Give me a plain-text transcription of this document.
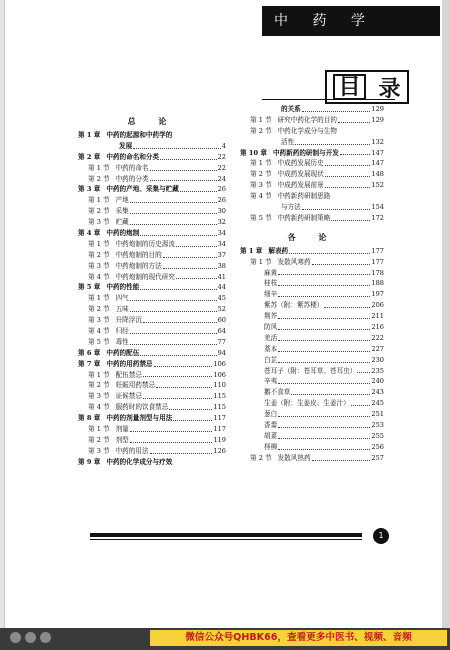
中 药 学
目 录
总 论
第 1 章 中药的起源和中药学的
发展	4
第 2 章 中药的命名和分类	22
第 1 节 中药的命名	22
第 2 节 中药的分类	24
第 3 章 中药的产地、采集与贮藏	26
第 1 节 产地	26
第 2 节 采集	30
第 3 节 贮藏	32
第 4 章 中药的炮制	34
第 1 节 中药炮制的历史源流	34
第 2 节 中药炮制的目的	37
第 3 节 中药炮制的方法	38
第 4 节 中药炮制的现代研究	41
第 5 章 中药的性能	44
第 1 节 四气	45
第 2 节 五味	52
第 3 节 升降浮沉	60
第 4 节 归经	64
第 5 节 毒性	77
第 6 章 中药的配伍	94
第 7 章 中药的用药禁忌	106
第 1 节 配伍禁忌	106
第 2 节 妊娠用药禁忌	110
第 3 节 证候禁忌	115
第 4 节 服药时的饮食禁忌	115
第 8 章 中药的剂量剂型与用法	117
第 1 节 剂量	117
第 2 节 剂型	119
第 3 节 中药的用法	126
第 9 章 中药的化学成分与疗效
的关系	129
第 1 节 研究中药化学的目的	129
第 2 节 中药化学成分与生物
活性	132
第 10 章 中药新药的研制与开发	147
第 1 节 中成药发展历史	147
第 2 节 中成药发展现状	148
第 3 节 中成药发展前景	152
第 4 节 中药新药研制思路
与方法	154
第 5 节 中药新药研制策略	172
各 论
第 1 章 解表药	177
第 1 节 发散风寒药	177
麻黄	178
桂枝	188
细辛	197
紫苏（附：紫苏梗）	206
荆芥	211
防风	216
羌活	222
藁本	227
白芷	230
苍耳子（附：苍耳草、苍耳虫） 235
辛夷	240
鹅不食草	243
生姜（附：生姜皮、生姜汁）	245
葱白	251
香薷	253
胡荽	255
柽柳	256
第 2 节 发散风热药	257
1
微信公众号QHBK66，查看更多中医书、视频、音频
